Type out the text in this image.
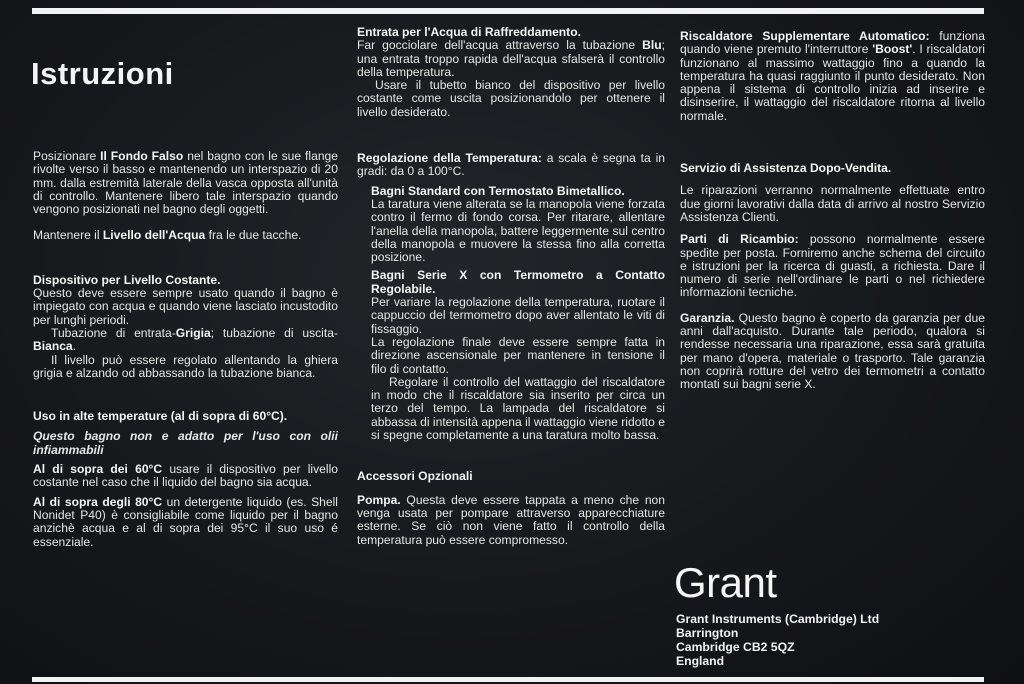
Istruzioni

Posizionare Il Fondo Falso nel bagno con le sue flange rivolte verso il basso e mantenendo un interspazio di 20 mm. dalla estremità laterale della vasca opposta all'unità di controllo. Mantenere libero tale interspazio quando vengono posizionati nel bagno degli oggetti.

Mantenere il Livello dell'Acqua fra le due tacche.

Dispositivo per Livello Costante.

Questo deve essere sempre usato quando il bagno è impiegato con acqua e quando viene lasciato incustodito per lunghi periodi.

Tubazione di entrata-Grigia; tubazione di uscita-Bianca.

Il livello può essere regolato allentando la ghiera grigia e alzando od abbassando la tubazione bianca.

Uso in alte temperature (al di sopra di 60°C).

Questo bagno non e adatto per l'uso con olii infiammabili

Al di sopra dei 60°C usare il dispositivo per livello costante nel caso che il liquido del bagno sia acqua.

Al di sopra degli 80°C un detergente liquido (es. Shell Nonidet P40) è consigliabile come liquido per il bagno anzichè acqua e al di sopra dei 95°C il suo uso é essenziale.

Entrata per l'Acqua di Raffreddamento.

Far gocciolare dell'acqua attraverso la tubazione Blu; una entrata troppo rapida dell'acqua sfalserà il controllo della temperatura.

Usare il tubetto bianco del dispositivo per livello costante come uscita posizionandolo per ottenere il livello desiderato.

Regolazione della Temperatura: a scala è segna ta in gradi: da 0 a 100°C.

Bagni Standard con Termostato Bimetallico.

La taratura viene alterata se la manopola viene forzata contro il fermo di fondo corsa. Per ritarare, allentare l'anella della manopola, battere leggermente sul centro della manopola e muovere la stessa fino alla corretta posizione.

Bagni Serie X con Termometro a Contatto Regolabile.

Per variare la regolazione della temperatura, ruotare il cappuccio del termometro dopo aver allentato le viti di fissaggio.

La regolazione finale deve essere sempre fatta in direzione ascensionale per mantenere in tensione il filo di contatto.

Regolare il controllo del wattaggio del riscaldatore in modo che il riscaldatore sia inserito per circa un terzo del tempo. La lampada del riscaldatore si abbassa di intensità appena il wattaggio viene ridotto e si spegne completamente a una taratura molto bassa.

Accessori Opzionali

Pompa. Questa deve essere tappata a meno che non venga usata per pompare attraverso apparecchiature esterne. Se ciò non viene fatto il controllo della temperatura può essere compromesso.

Riscaldatore Supplementare Automatico: funziona quando viene premuto l'interruttore 'Boost'. I riscaldatori funzionano al massimo wattaggio fino a quando la temperatura ha quasi raggiunto il punto desiderato. Non appena il sistema di controllo inizia ad inserire e disinserire, il wattaggio del riscaldatore ritorna al livello normale.

Servizio di Assistenza Dopo-Vendita.

Le riparazioni verranno normalmente effettuate entro due giorni lavorativi dalla data di arrivo al nostro Servizio Assistenza Clienti.

Parti di Ricambio: possono normalmente essere spedite per posta. Forniremo anche schema del circuito e istruzioni per la ricerca di guasti, a richiesta. Dare il numero di serie nell'ordinare le parti o nel richiedere informazioni tecniche.

Garanzia. Questo bagno è coperto da garanzia per due anni dall'acquisto. Durante tale periodo, qualora si rendesse necessaria una riparazione, essa sarà gratuita per mano d'opera, materiale o trasporto. Tale garanzia non coprirà rotture del vetro dei termometri a contatto montati sui bagni serie X.

Grant
Grant Instruments (Cambridge) Ltd
Barrington
Cambridge CB2 5QZ
England
